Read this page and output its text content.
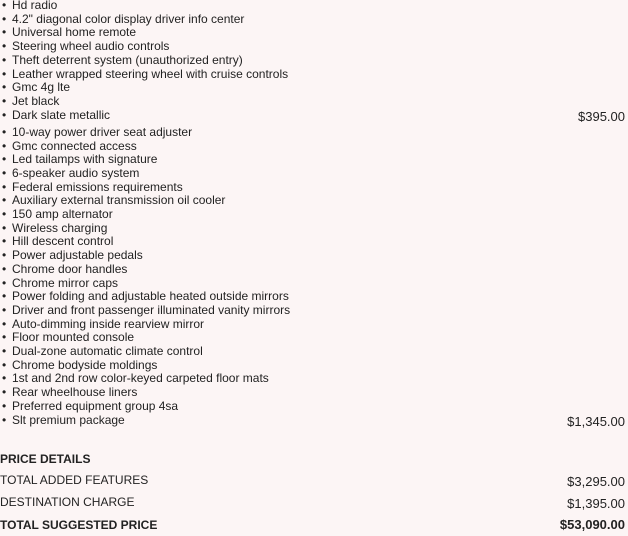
• Hd radio
• 4.2" diagonal color display driver info center
• Universal home remote
• Steering wheel audio controls
• Theft deterrent system (unauthorized entry)
• Leather wrapped steering wheel with cruise controls
• Gmc 4g lte
• Jet black
• Dark slate metallic	$395.00
• 10-way power driver seat adjuster
• Gmc connected access
• Led tailamps with signature
• 6-speaker audio system
• Federal emissions requirements
• Auxiliary external transmission oil cooler
• 150 amp alternator
• Wireless charging
• Hill descent control
• Power adjustable pedals
• Chrome door handles
• Chrome mirror caps
• Power folding and adjustable heated outside mirrors
• Driver and front passenger illuminated vanity mirrors
• Auto-dimming inside rearview mirror
• Floor mounted console
• Dual-zone automatic climate control
• Chrome bodyside moldings
• 1st and 2nd row color-keyed carpeted floor mats
• Rear wheelhouse liners
• Preferred equipment group 4sa
• Slt premium package	$1,345.00
PRICE DETAILS
TOTAL ADDED FEATURES	$3,295.00
DESTINATION CHARGE	$1,395.00
TOTAL SUGGESTED PRICE	$53,090.00
